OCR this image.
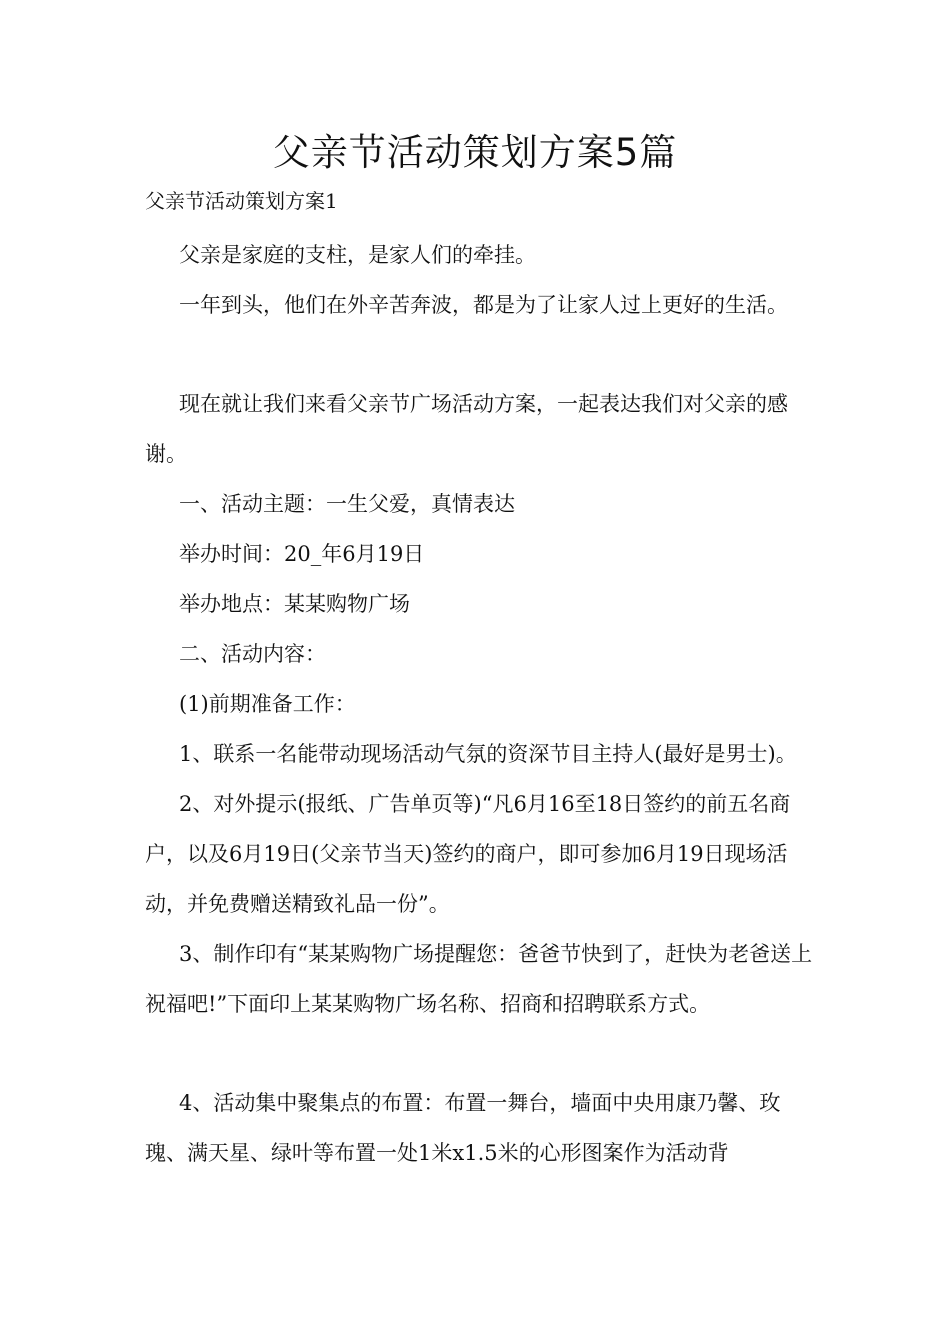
父亲节活动策划方案5篇
父亲节活动策划方案1

父亲是家庭的支柱，是家人们的牵挂。

一年到头，他们在外辛苦奔波，都是为了让家人过上更好的生活。

现在就让我们来看父亲节广场活动方案，一起表达我们对父亲的感谢。

一、活动主题：一生父爱，真情表达

举办时间：20_年6月19日

举办地点：某某购物广场

二、活动内容：

(1)前期准备工作：

1、联系一名能带动现场活动气氛的资深节目主持人(最好是男士)。

2、对外提示(报纸、广告单页等)“凡6月16至18日签约的前五名商户，以及6月19日(父亲节当天)签约的商户，即可参加6月19日现场活动，并免费赠送精致礼品一份”。

3、制作印有“某某购物广场提醒您：爸爸节快到了，赶快为老爸送上祝福吧!”下面印上某某购物广场名称、招商和招聘联系方式。

4、活动集中聚集点的布置：布置一舞台，墙面中央用康乃馨、玫瑰、满天星、绿叶等布置一处1米x1.5米的心形图案作为活动背
